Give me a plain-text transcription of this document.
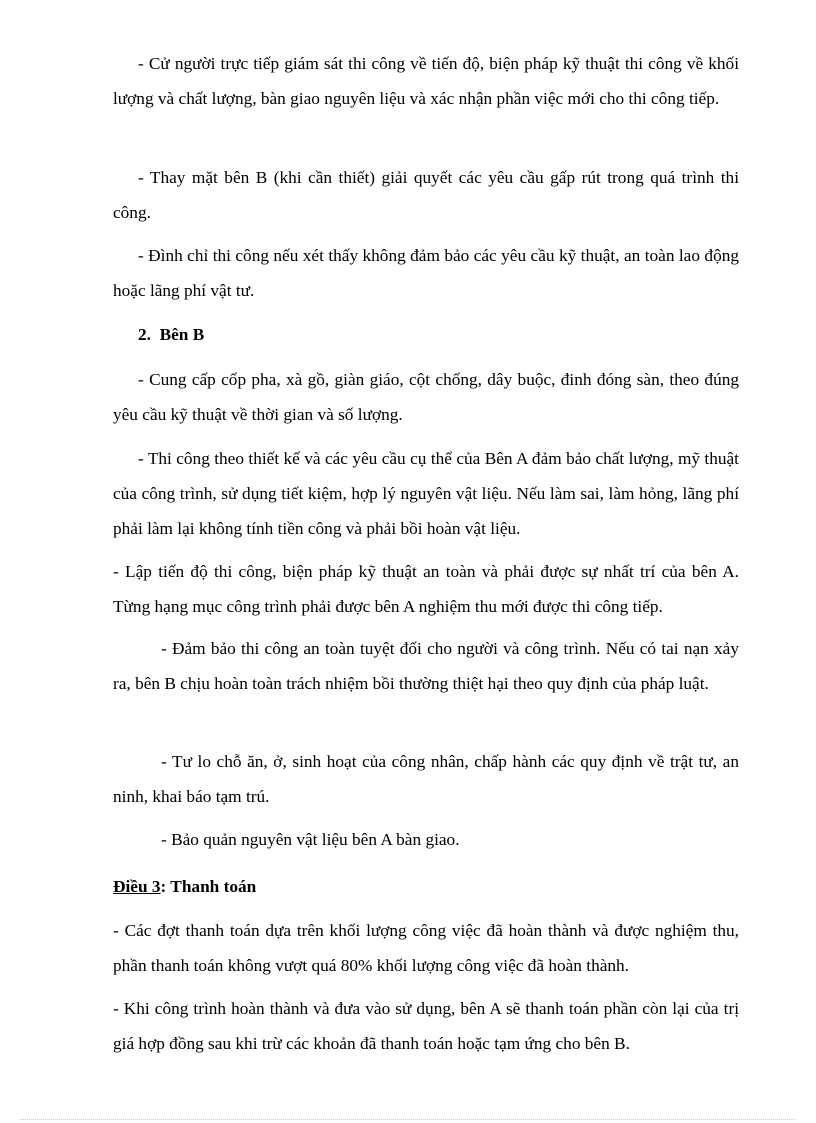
- Cử người trực tiếp giám sát thi công về tiến độ, biện pháp kỹ thuật thi công về khối lượng và chất lượng, bàn giao nguyên liệu và xác nhận phần việc mới cho thi công tiếp.

- Thay mặt bên B (khi cần thiết) giải quyết các yêu cầu gấp rút trong quá trình thi công.

- Đình chỉ thi công nếu xét thấy không đảm bảo các yêu cầu kỹ thuật, an toàn lao động hoặc lãng phí vật tư.

2. Bên B

- Cung cấp cốp pha, xà gồ, giàn giáo, cột chống, dây buộc, đinh đóng sàn, theo đúng yêu cầu kỹ thuật về thời gian và số lượng.

- Thi công theo thiết kế và các yêu cầu cụ thể của Bên A đảm bảo chất lượng, mỹ thuật của công trình, sử dụng tiết kiệm, hợp lý nguyên vật liệu. Nếu làm sai, làm hỏng, lãng phí phải làm lại không tính tiền công và phải bồi hoàn vật liệu.

- Lập tiến độ thi công, biện pháp kỹ thuật an toàn và phải được sự nhất trí của bên A. Từng hạng mục công trình phải được bên A nghiệm thu mới được thi công tiếp.

- Đảm bảo thi công an toàn tuyệt đối cho người và công trình. Nếu có tai nạn xảy ra, bên B chịu hoàn toàn trách nhiệm bồi thường thiệt hại theo quy định của pháp luật.

- Tư lo chỗ ăn, ở, sinh hoạt của công nhân, chấp hành các quy định về trật tư, an ninh, khai báo tạm trú.

- Bảo quản nguyên vật liệu bên A bàn giao.

Điều 3: Thanh toán

- Các đợt thanh toán dựa trên khối lượng công việc đã hoàn thành và được nghiệm thu, phần thanh toán không vượt quá 80% khối lượng công việc đã hoàn thành.

- Khi công trình hoàn thành và đưa vào sử dụng, bên A sẽ thanh toán phần còn lại của trị giá hợp đồng sau khi trừ các khoản đã thanh toán hoặc tạm ứng cho bên B.
